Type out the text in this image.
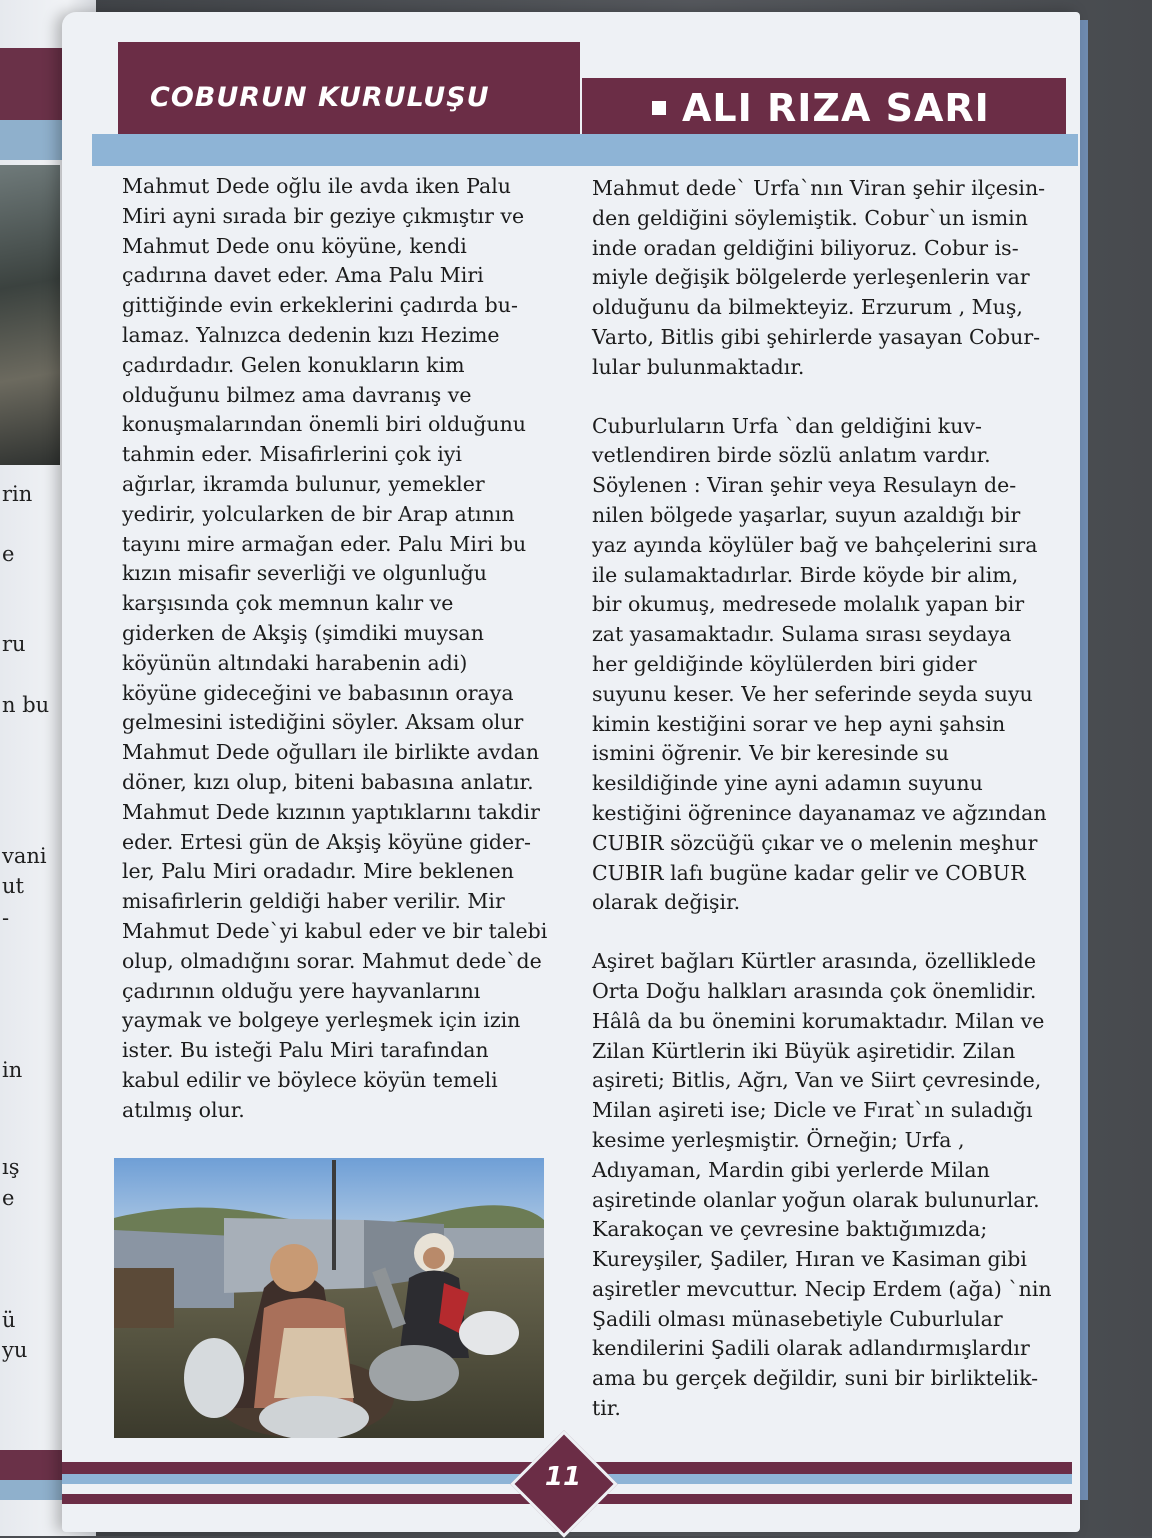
rin
e
ru
n bu
vani
ut
-
in
ış
e
ü
yu
COBURUN KURULUŞU	ALI RIZA SARI

Mahmut Dede oğlu ile avda iken Palu
Miri ayni sırada bir geziye çıkmıştır ve
Mahmut Dede onu köyüne, kendi
çadırına davet eder. Ama Palu Miri
gittiğinde evin erkeklerini çadırda bu-
lamaz. Yalnızca dedenin kızı Hezime
çadırdadır. Gelen konukların kim
olduğunu bilmez ama davranış ve
konuşmalarından önemli biri olduğunu
tahmin eder. Misafirlerini çok iyi
ağırlar, ikramda bulunur, yemekler
yedirir, yolcularken de bir Arap atının
tayını mire armağan eder. Palu Miri bu
kızın misafir severliği ve olgunluğu
karşısında çok memnun kalır ve
giderken de Akşiş (şimdiki muysan
köyünün altındaki harabenin adi)
köyüne gideceğini ve babasının oraya
gelmesini istediğini söyler. Aksam olur
Mahmut Dede oğulları ile birlikte avdan
döner, kızı olup, biteni babasına anlatır.
Mahmut Dede kızının yaptıklarını takdir
eder. Ertesi gün de Akşiş köyüne gider-
ler, Palu Miri oradadır. Mire beklenen
misafirlerin geldiği haber verilir. Mir
Mahmut Dede`yi kabul eder ve bir talebi
olup, olmadığını sorar. Mahmut dede`de
çadırının olduğu yere hayvanlarını
yaymak ve bolgeye yerleşmek için izin
ister. Bu isteği Palu Miri tarafından
kabul edilir ve böylece köyün temeli
atılmış olur.

Mahmut dede` Urfa`nın Viran şehir ilçesin-
den geldiğini söylemiştik. Cobur`un ismin
inde oradan geldiğini biliyoruz. Cobur is-
miyle değişik bölgelerde yerleşenlerin var
olduğunu da bilmekteyiz. Erzurum , Muş,
Varto, Bitlis gibi şehirlerde yasayan Cobur-
lular bulunmaktadır.

Cuburluların Urfa `dan geldiğini kuv-
vetlendiren birde sözlü anlatım vardır.
Söylenen : Viran şehir veya Resulayn de-
nilen bölgede yaşarlar, suyun azaldığı bir
yaz ayında köylüler bağ ve bahçelerini sıra
ile sulamaktadırlar. Birde köyde bir alim,
bir okumuş, medresede molalık yapan bir
zat yasamaktadır. Sulama sırası seydaya
her geldiğinde köylülerden biri gider
suyunu keser. Ve her seferinde seyda suyu
kimin kestiğini sorar ve hep ayni şahsin
ismini öğrenir. Ve bir keresinde su
kesildiğinde yine ayni adamın suyunu
kestiğini öğrenince dayanamaz ve ağzından
CUBIR sözcüğü çıkar ve o melenin meşhur
CUBIR lafı bugüne kadar gelir ve COBUR
olarak değişir.

Aşiret bağları Kürtler arasında, özelliklede
Orta Doğu halkları arasında çok önemlidir.
Hâlâ da bu önemini korumaktadır. Milan ve
Zilan Kürtlerin iki Büyük aşiretidir. Zilan
aşireti; Bitlis, Ağrı, Van ve Siirt çevresinde,
Milan aşireti ise; Dicle ve Fırat`ın suladığı
kesime yerleşmiştir. Örneğin; Urfa ,
Adıyaman, Mardin gibi yerlerde Milan
aşiretinde olanlar yoğun olarak bulunurlar.
Karakoçan ve çevresine baktığımızda;
Kureyşiler, Şadiler, Hıran ve Kasiman gibi
aşiretler mevcuttur. Necip Erdem (ağa) `nin
Şadili olması münasebetiyle Cuburlular
kendilerini Şadili olarak adlandırmışlardır
ama bu gerçek değildir, suni bir birliktelik-
tir.

11
